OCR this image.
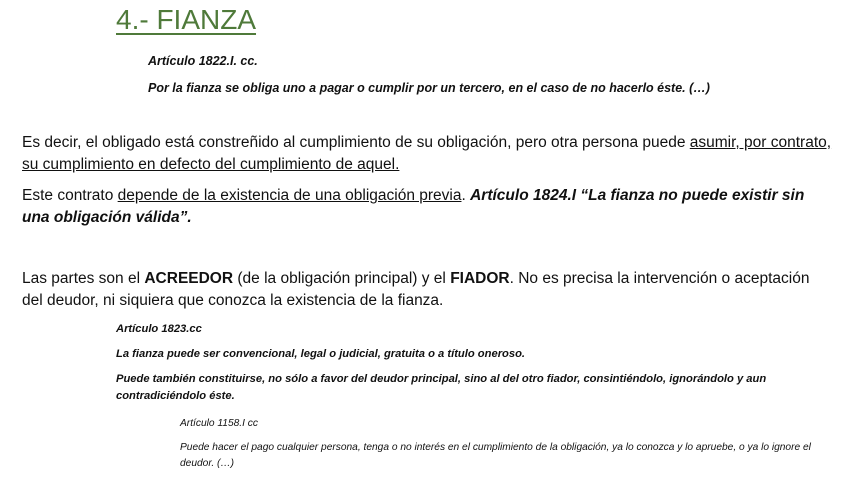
4.- FIANZA
Artículo 1822.I. cc.
Por la fianza se obliga uno a pagar o cumplir por un tercero, en el caso de no hacerlo éste. (…)
Es decir, el obligado está constreñido al cumplimiento de su obligación, pero otra persona puede asumir, por contrato, su cumplimiento en defecto del cumplimiento de aquel.
Este contrato depende de la existencia de una obligación previa. Artículo 1824.I “La fianza no puede existir sin una obligación válida”.
Las partes son el ACREEDOR (de la obligación principal) y el FIADOR. No es precisa la intervención o aceptación del deudor, ni siquiera que conozca la existencia de la fianza.
Artículo 1823.cc
La fianza puede ser convencional, legal o judicial, gratuita o a título oneroso.
Puede también constituirse, no sólo a favor del deudor principal, sino al del otro fiador, consintiéndolo, ignorándolo y aun contradiciéndolo éste.
Artículo 1158.I cc
Puede hacer el pago cualquier persona, tenga o no interés en el cumplimiento de la obligación, ya lo conozca y lo apruebe, o ya lo ignore el deudor. (…)
